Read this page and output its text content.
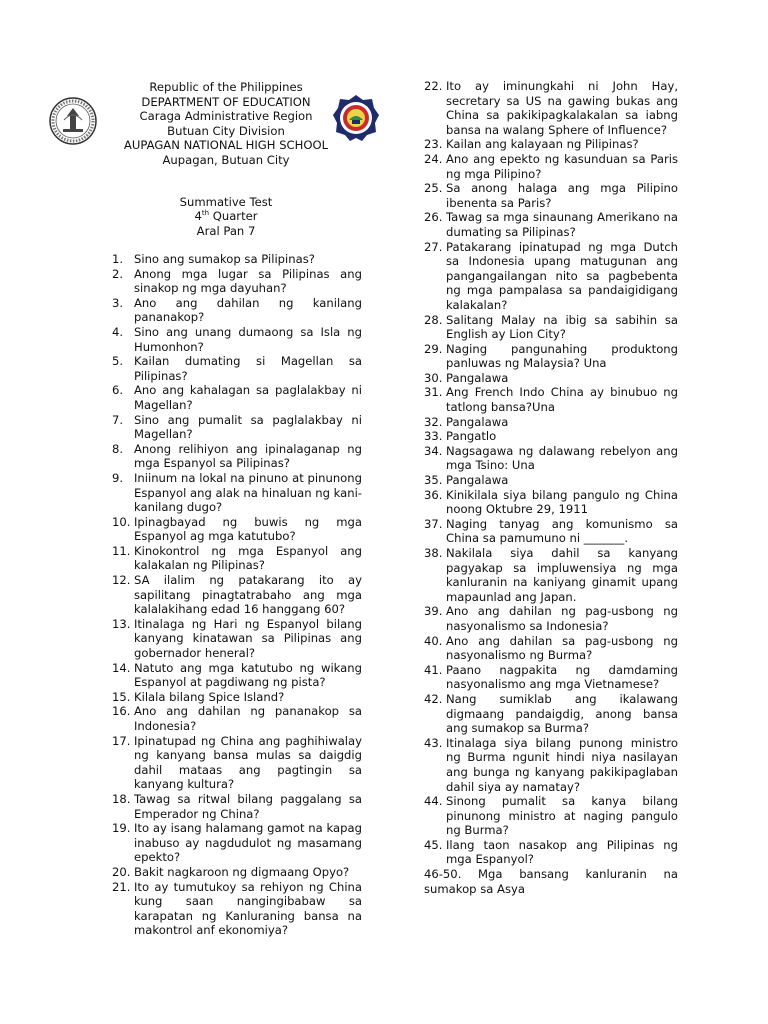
Republic of the Philippines
DEPARTMENT OF EDUCATION
Caraga Administrative Region
Butuan City Division
AUPAGAN NATIONAL HIGH SCHOOL
Aupagan, Butuan City
Summative Test
4th Quarter
Aral Pan 7
1. Sino ang sumakop sa Pilipinas?
2. Anong mga lugar sa Pilipinas ang sinakop ng mga dayuhan?
3. Ano ang dahilan ng kanilang pananakop?
4. Sino ang unang dumaong sa Isla ng Humonhon?
5. Kailan dumating si Magellan sa Pilipinas?
6. Ano ang kahalagan sa paglalakbay ni Magellan?
7. Sino ang pumalit sa paglalakbay ni Magellan?
8. Anong relihiyon ang ipinalaganap ng mga Espanyol sa Pilipinas?
9. Iniinum na lokal na pinuno at pinunong Espanyol ang alak na hinaluan ng kani-kanilang dugo?
10. Ipinagbayad ng buwis ng mga Espanyol ag mga katutubo?
11. Kinokontrol ng mga Espanyol ang kalakalan ng Pilipinas?
12. SA ilalim ng patakarang ito ay sapilitang pinagtatrabaho ang mga kalalakihang edad 16 hanggang 60?
13. Itinalaga ng Hari ng Espanyol bilang kanyang kinatawan sa Pilipinas ang gobernador heneral?
14. Natuto ang mga katutubo ng wikang Espanyol at pagdiwang ng pista?
15. Kilala bilang Spice Island?
16. Ano ang dahilan ng pananakop sa Indonesia?
17. Ipinatupad ng China ang paghihiwalay ng kanyang bansa mulas sa daigdig dahil mataas ang pagtingin sa kanyang kultura?
18. Tawag sa ritwal bilang paggalang sa Emperador ng China?
19. Ito ay isang halamang gamot na kapag inabuso ay nagdudulot ng masamang epekto?
20. Bakit nagkaroon ng digmaang Opyo?
21. Ito ay tumutukoy sa rehiyon ng China kung saan nangingibabaw sa karapatan ng Kanluraning bansa na makontrol anf ekonomiya?
22. Ito ay iminungkahi ni John Hay, secretary sa US na gawing bukas ang China sa pakikipagkalakalan sa iabng bansa na walang Sphere of Influence?
23. Kailan ang kalayaan ng Pilipinas?
24. Ano ang epekto ng kasunduan sa Paris ng mga Pilipino?
25. Sa anong halaga ang mga Pilipino ibenenta sa Paris?
26. Tawag sa mga sinaunang Amerikano na dumating sa Pilipinas?
27. Patakarang ipinatupad ng mga Dutch sa Indonesia upang matugunan ang pangangailangan nito sa pagbebenta ng mga pampalasa sa pandaigidigang kalakalan?
28. Salitang Malay na ibig sa sabihin sa English ay Lion City?
29. Naging pangunahing produktong panluwas ng Malaysia? Una
30. Pangalawa
31. Ang French Indo China ay binubuo ng tatlong bansa?Una
32. Pangalawa
33. Pangatlo
34. Nagsagawa ng dalawang rebelyon ang mga Tsino: Una
35. Pangalawa
36. Kinikilala siya bilang pangulo ng China noong Oktubre 29, 1911
37. Naging tanyag ang komunismo sa China sa pamumuno ni _______.
38. Nakilala siya dahil sa kanyang pagyakap sa impluwensiya ng mga kanluranin na kaniyang ginamit upang mapaunlad ang Japan.
39. Ano ang dahilan ng pag-usbong ng nasyonalismo sa Indonesia?
40. Ano ang dahilan sa pag-usbong ng nasyonalismo ng Burma?
41. Paano nagpakita ng damdaming nasyonalismo ang mga Vietnamese?
42. Nang sumiklab ang ikalawang digmaang pandaigdig, anong bansa ang sumakop sa Burma?
43. Itinalaga siya bilang punong ministro ng Burma ngunit hindi niya nasilayan ang bunga ng kanyang pakikipaglaban dahil siya ay namatay?
44. Sinong pumalit sa kanya bilang pinunong ministro at naging pangulo ng Burma?
45. Ilang taon nasakop ang Pilipinas ng mga Espanyol?
46-50. Mga bansang kanluranin na sumakop sa Asya
